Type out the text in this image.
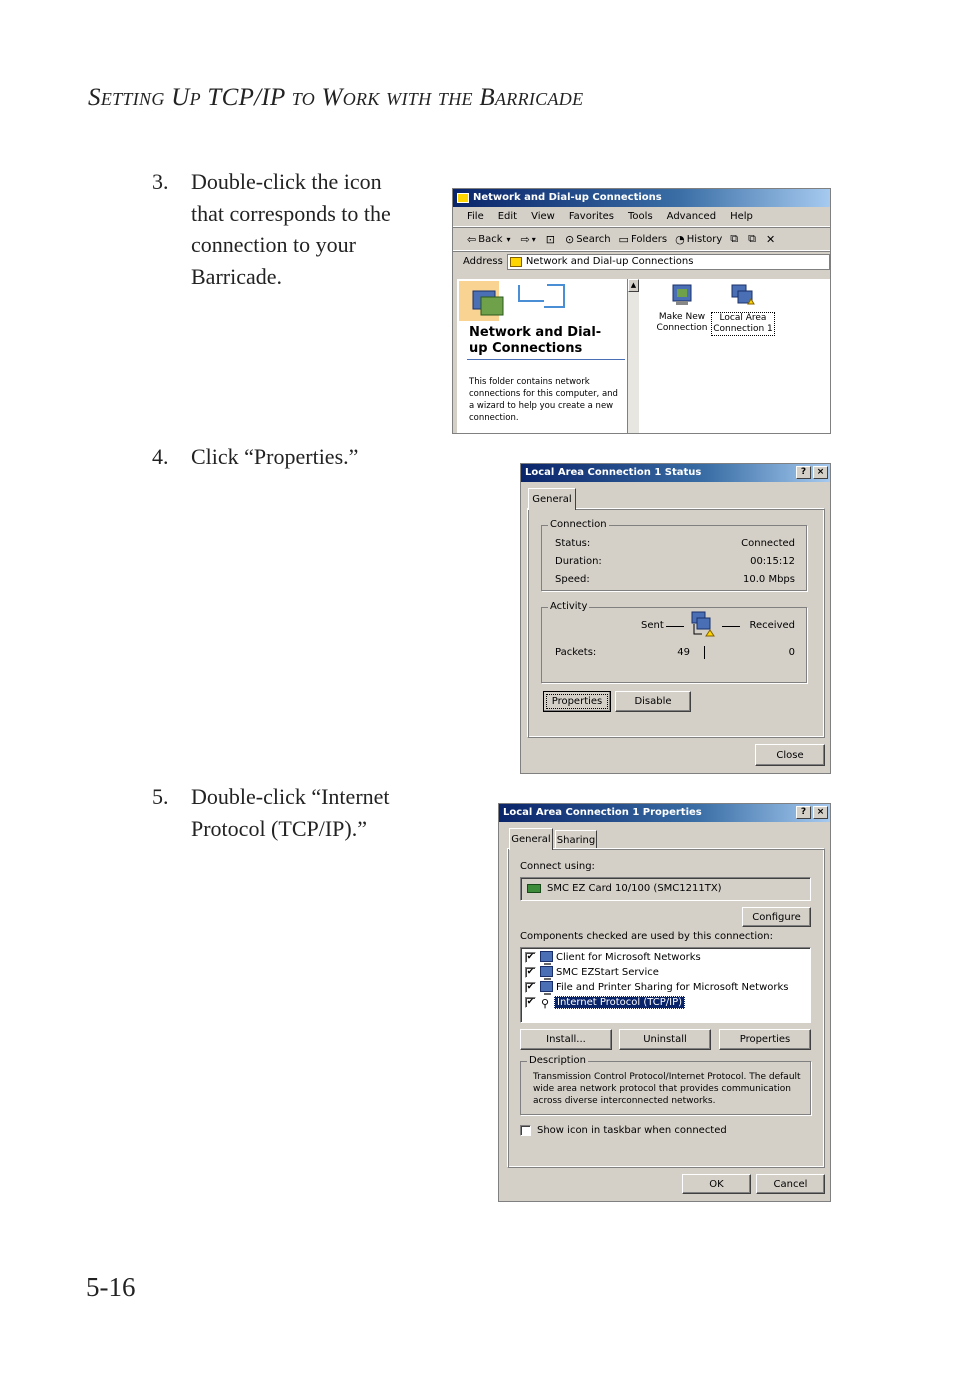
Setting Up TCP/IP to Work with the Barricade
3.	Double-click the icon
that corresponds to the
connection to your
Barricade.
4.	Click “Properties.”
5.	Double-click “Internet
Protocol (TCP/IP).”
Network and Dial-up Connections
File Edit View Favorites Tools Advanced Help
⇦ Back ▾ ⇨ ▾ ⊡ ⊙ Search ▭ Folders ◔ History ⧉ ⧉ ✕
Address Network and Dial-up Connections
Network and Dial-
up Connections
This folder contains network
connections for this computer, and
a wizard to help you create a new
connection.
▲
Make New
Connection

Local Area
Connection 1
Local Area Connection 1 Status	?	×
General
Connection
Status:	Connected
Duration:	00:15:12
Speed:	10.0 Mbps
Activity
Sent	Received
Packets:	49	0
Properties	Disable
Close
Local Area Connection 1 Properties	?	×
General Sharing
Connect using:
SMC EZ Card 10/100 (SMC1211TX)
Configure
Components checked are used by this connection:
✔ Client for Microsoft Networks
✔ SMC EZStart Service
✔ File and Printer Sharing for Microsoft Networks
✔ ⚲ Internet Protocol (TCP/IP)
Install...	Uninstall	Properties
Description
Transmission Control Protocol/Internet Protocol. The default
wide area network protocol that provides communication
across diverse interconnected networks.
Show icon in taskbar when connected
OK	Cancel
5-16
